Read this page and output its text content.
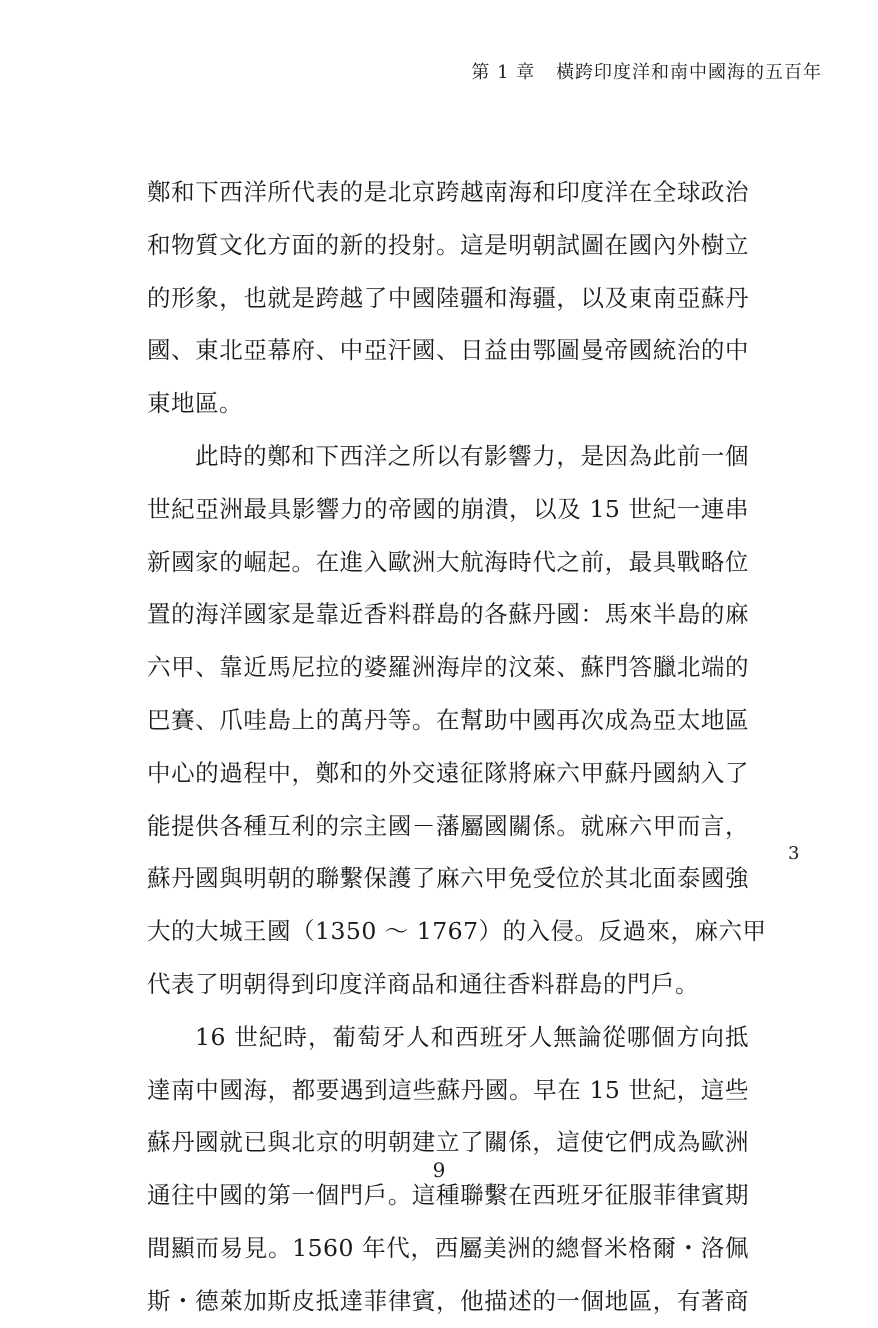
第 1 章 橫跨印度洋和南中國海的五百年
鄭和下西洋所代表的是北京跨越南海和印度洋在全球政治
和物質文化方面的新的投射。這是明朝試圖在國內外樹立
的形象，也就是跨越了中國陸疆和海疆，以及東南亞蘇丹
國、東北亞幕府、中亞汗國、日益由鄂圖曼帝國統治的中
東地區。
此時的鄭和下西洋之所以有影響力，是因為此前一個
世紀亞洲最具影響力的帝國的崩潰，以及 15 世紀一連串
新國家的崛起。在進入歐洲大航海時代之前，最具戰略位
置的海洋國家是靠近香料群島的各蘇丹國：馬來半島的麻
六甲、靠近馬尼拉的婆羅洲海岸的汶萊、蘇門答臘北端的
巴賽、爪哇島上的萬丹等。在幫助中國再次成為亞太地區
中心的過程中，鄭和的外交遠征隊將麻六甲蘇丹國納入了
能提供各種互利的宗主國－藩屬國關係。就麻六甲而言，
蘇丹國與明朝的聯繫保護了麻六甲免受位於其北面泰國強
大的大城王國（1350 ～ 1767）的入侵。反過來，麻六甲
代表了明朝得到印度洋商品和通往香料群島的門戶。
16 世紀時，葡萄牙人和西班牙人無論從哪個方向抵
達南中國海，都要遇到這些蘇丹國。早在 15 世紀，這些
蘇丹國就已與北京的明朝建立了關係，這使它們成為歐洲
通往中國的第一個門戶。這種聯繫在西班牙征服菲律賓期
間顯而易見。1560 年代，西屬美洲的總督米格爾・洛佩
斯・德萊加斯皮抵達菲律賓，他描述的一個地區，有著商
3
9
